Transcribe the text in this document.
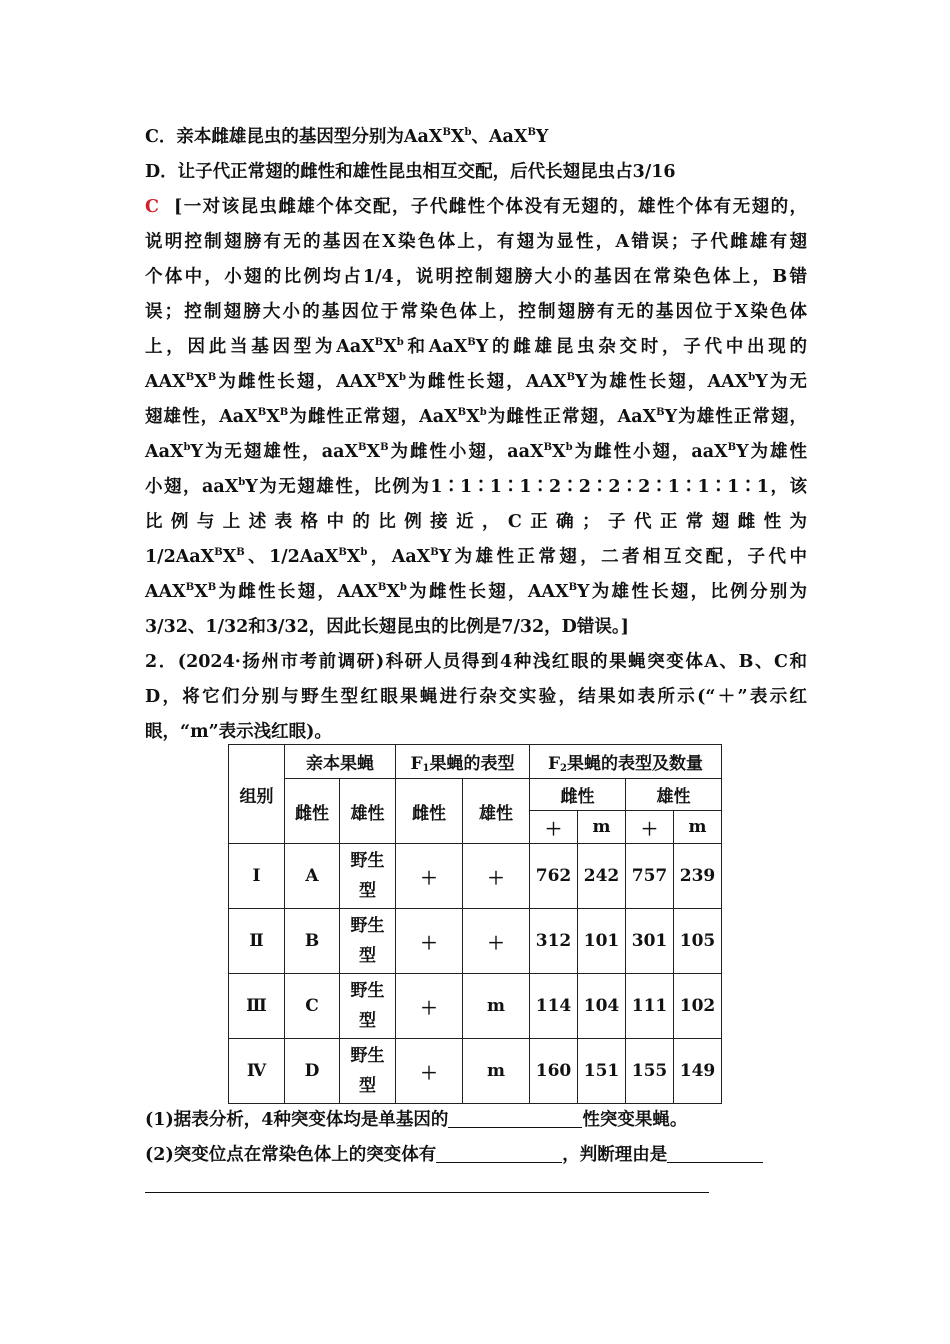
C．亲本雌雄昆虫的基因型分别为$AaX^BX^b$、AaX$^B$Y
D．让子代正常翅的雌性和雄性昆虫相互交配，后代长翅昆虫占3/16
C [一对该昆虫雌雄个体交配，子代雌性个体没有无翅的，雄性个体有无翅的，
说明控制翅膀有无的基因在X染色体上，有翅为显性，A错误；子代雌雄有翅
个体中，小翅的比例均占1/4，说明控制翅膀大小的基因在常染色体上，B错
误；控制翅膀大小的基因位于常染色体上，控制翅膀有无的基因位于X染色体
上，因此当基因型为$AaX^BX^b$和AaX$^B$Y的雌雄昆虫杂交时，子代中出现的
$AAX^BX^B$为雌性长翅，$AAX^BX^b$为雌性长翅，$AAX^BY$为雄性长翅，AAX$^b$Y为无
翅雄性，$AaX^BX^B$为雌性正常翅，$AaX^BX^b$为雌性正常翅，AaX$^B$Y为雄性正常翅，
AaX$^b$Y为无翅雄性，$aaX^BX^B$为雌性小翅，$aaX^BX^b$为雌性小翅，aaX$^B$Y为雄性
小翅，aaX$^b$Y为无翅雄性，比例为1∶1∶1∶1∶2∶2∶2∶2∶1∶1∶1∶1，该
比例与上述表格中的比例接近，C正确；子代正常翅雌性为
$1/2AaX^BX^B$、$1/2AaX^BX^b$，AaX$^B$Y为雄性正常翅，二者相互交配，子代中
$AAX^BX^B$为雌性长翅，$AAX^BX^b$为雌性长翅，$AAX^BY$为雄性长翅，比例分别为
3/32、1/32和3/32，因此长翅昆虫的比例是7/32，D错误。]
2．(2024·扬州市考前调研)科研人员得到4种浅红眼的果蝇突变体A、B、C和
D，将它们分别与野生型红眼果蝇进行杂交实验，结果如表所示(“＋”表示红
眼，“m”表示浅红眼)。
组别	亲本果蝇		$F_1$果蝇的表型		$F_2$果蝇的表型及数量			
	雌性	雄性	雌性	雄性	雌性		雄性	
					＋	m	＋	m
Ⅰ	A	野生型	＋	＋	762	242	757	239
Ⅱ	B	野生型	＋	＋	312	101	301	105
Ⅲ	C	野生型	＋	m	114	104	111	102
Ⅳ	D	野生型	＋	m	160	151	155	149
(1)据表分析，4种突变体均是单基因的	性突变果蝇。
(2)突变位点在常染色体上的突变体有	，判断理由是
